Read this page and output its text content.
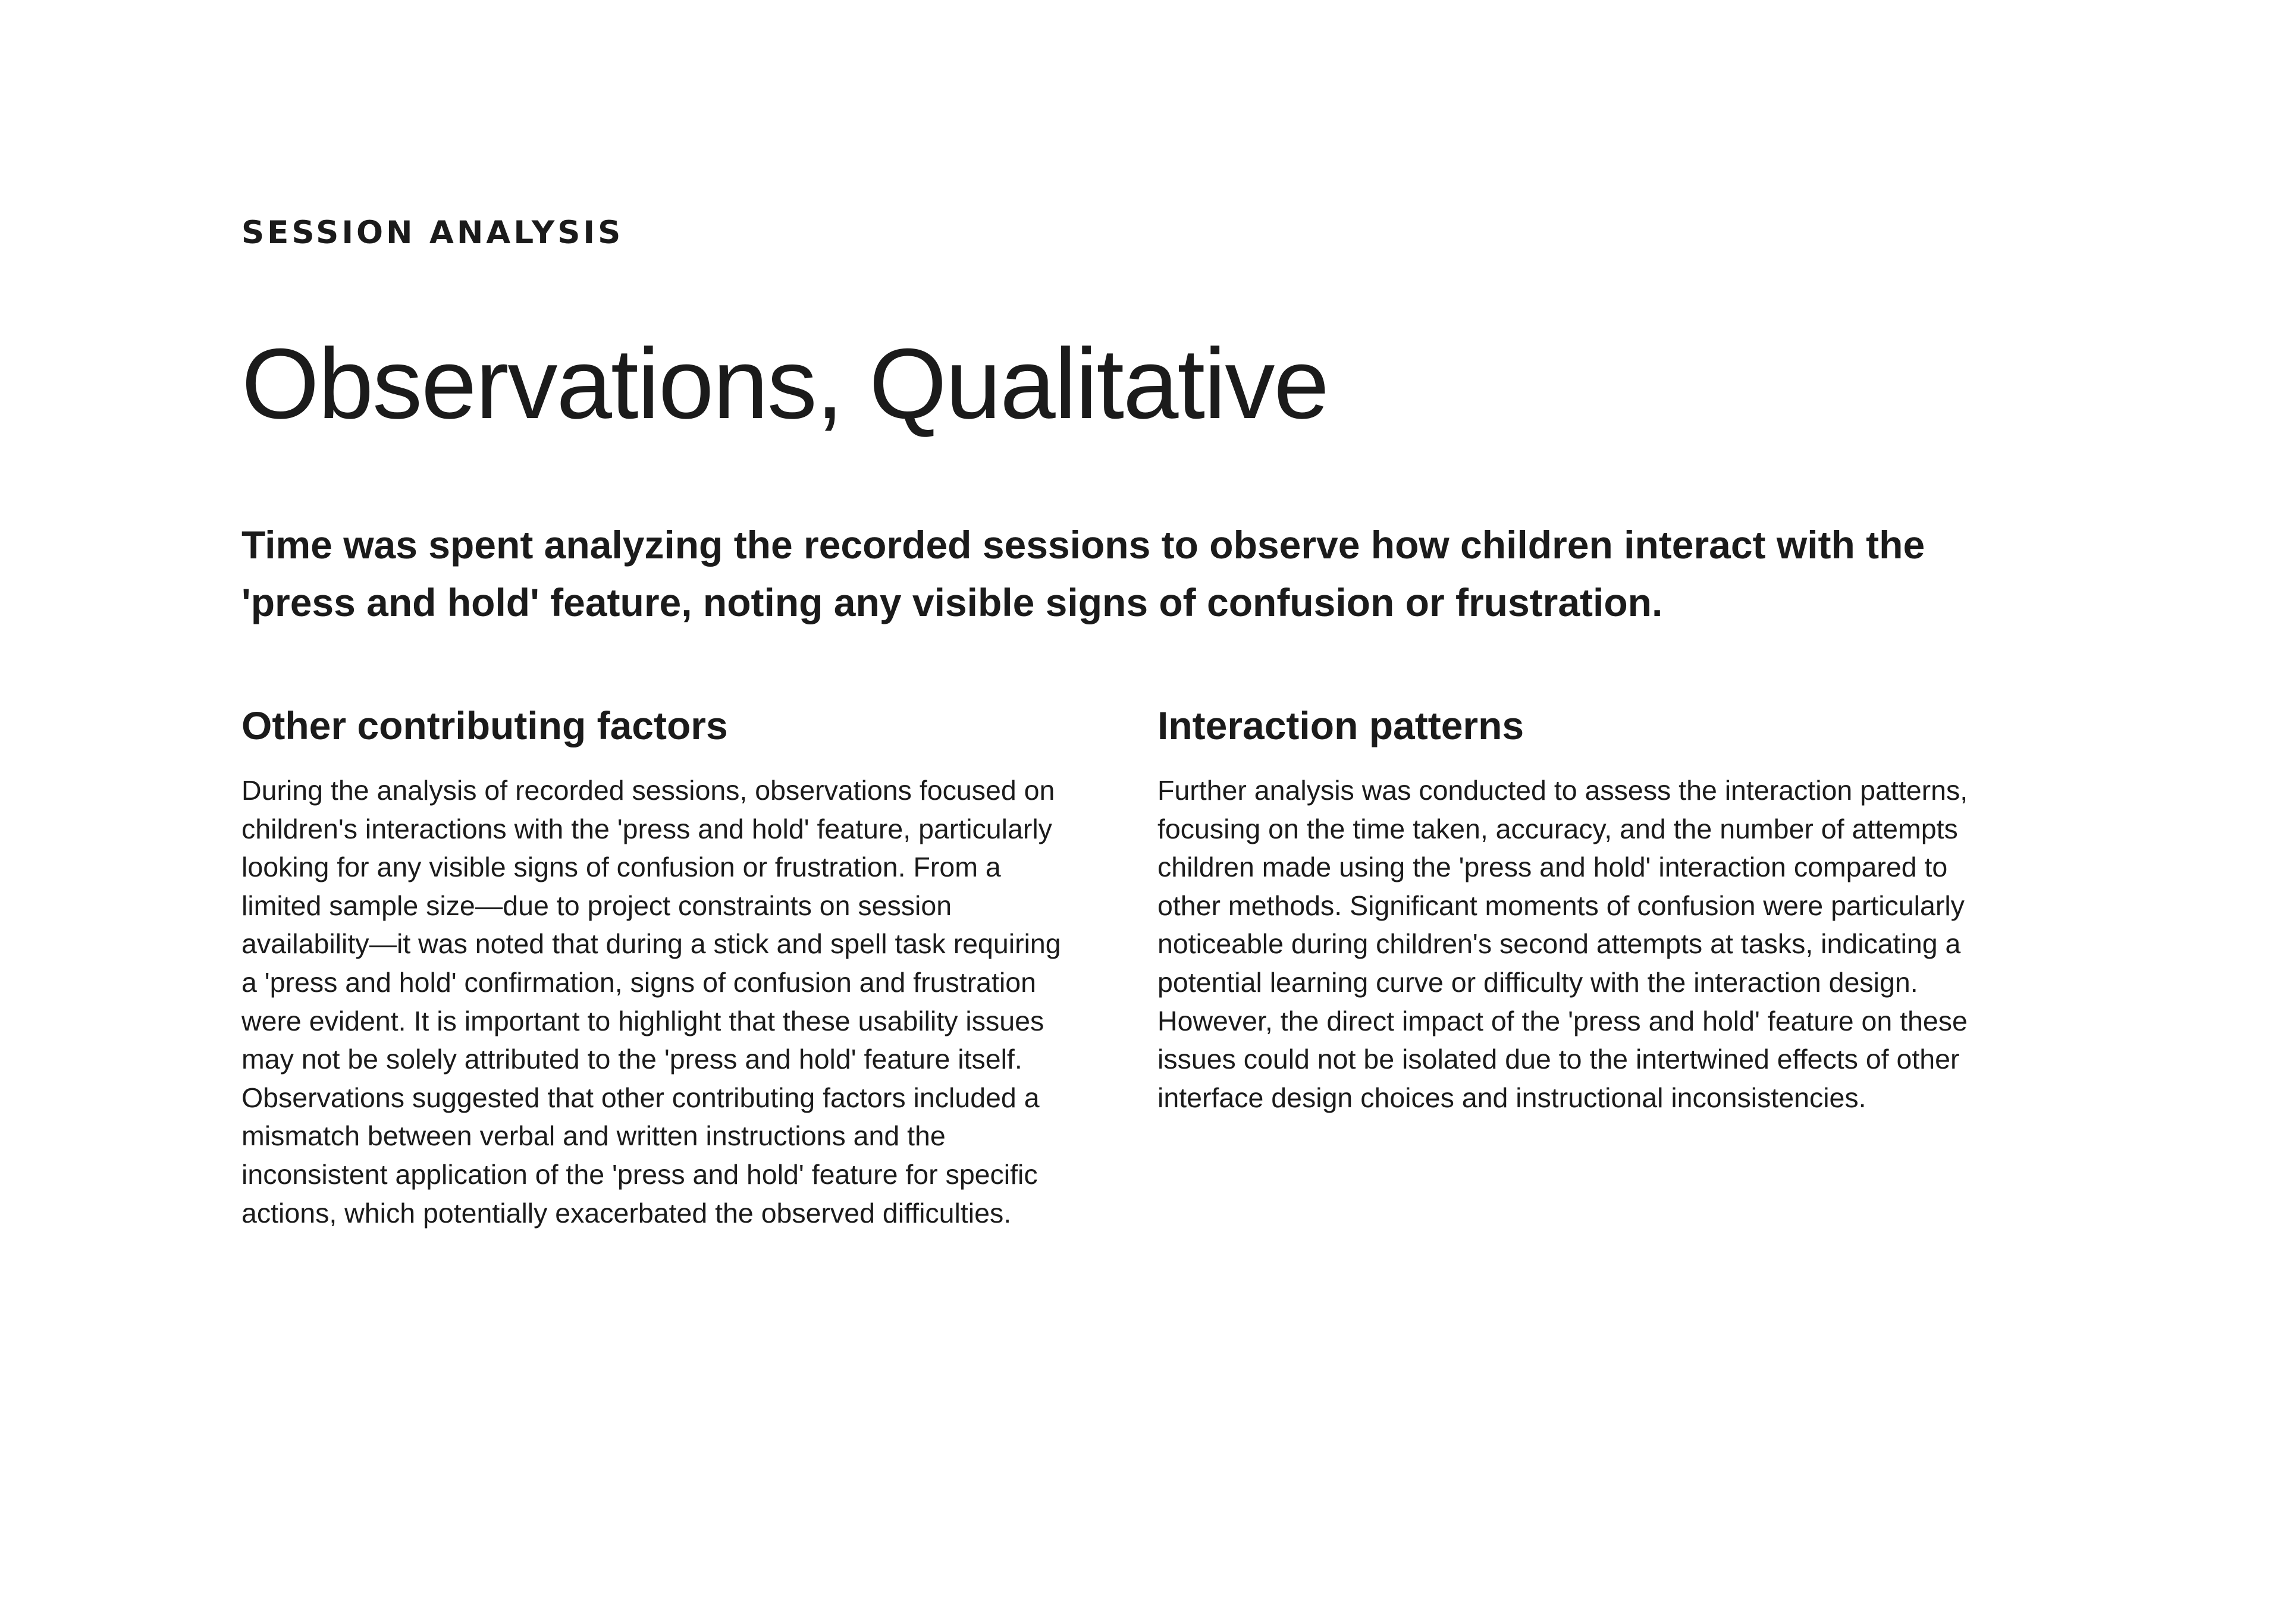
SESSION ANALYSIS
Observations, Qualitative

Time was spent analyzing the recorded sessions to observe how children interact with the 'press and hold' feature, noting any visible signs of confusion or frustration.

Other contributing factors

During the analysis of recorded sessions, observations focused on children's interactions with the 'press and hold' feature, particularly looking for any visible signs of confusion or frustration. From a limited sample size—due to project constraints on session availability—it was noted that during a stick and spell task requiring a 'press and hold' confirmation, signs of confusion and frustration were evident. It is important to highlight that these usability issues may not be solely attributed to the 'press and hold' feature itself. Observations suggested that other contributing factors included a mismatch between verbal and written instructions and the inconsistent application of the 'press and hold' feature for specific actions, which potentially exacerbated the observed difficulties.

Interaction patterns

Further analysis was conducted to assess the interaction patterns, focusing on the time taken, accuracy, and the number of attempts children made using the 'press and hold' interaction compared to other methods. Significant moments of confusion were particularly noticeable during children's second attempts at tasks, indicating a potential learning curve or difficulty with the interaction design. However, the direct impact of the 'press and hold' feature on these issues could not be isolated due to the intertwined effects of other interface design choices and instructional inconsistencies.
